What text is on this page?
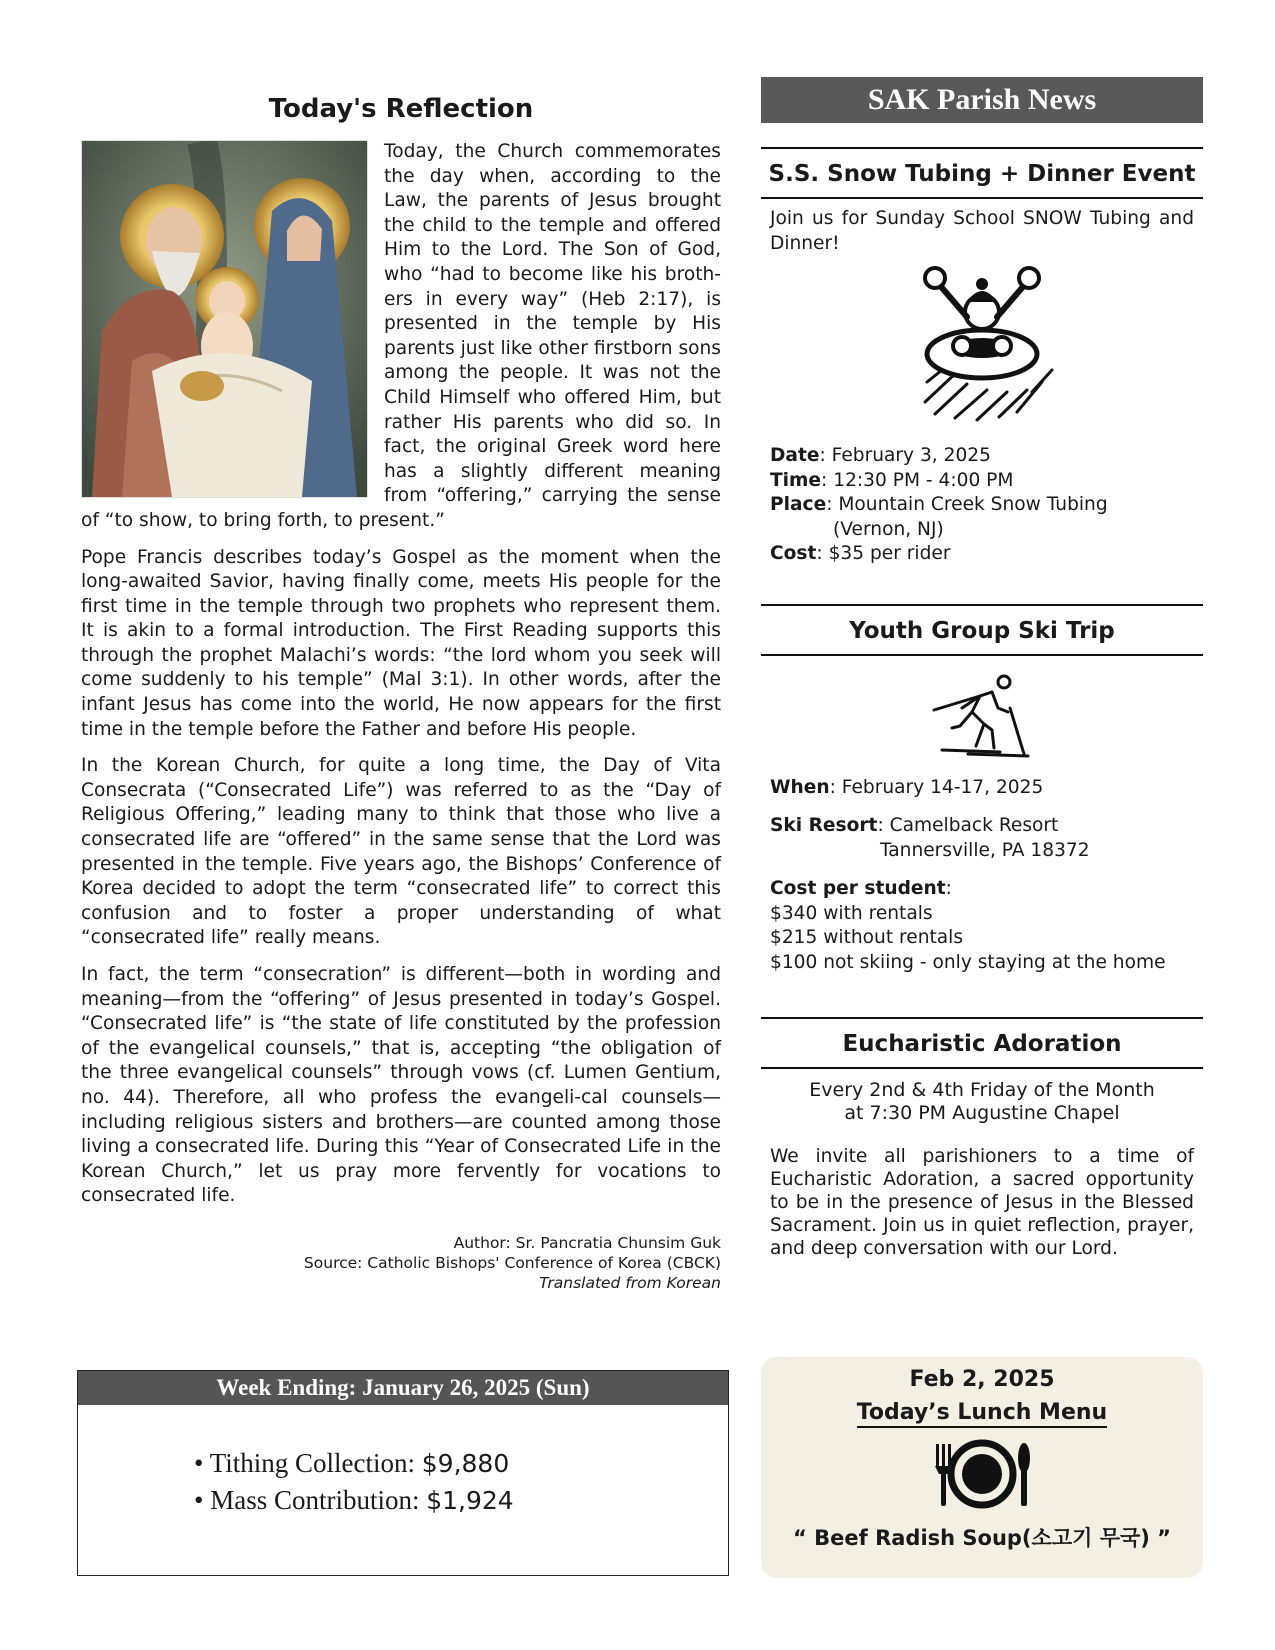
Today's Reflection

Today, the Church commemorates the day when, according to the Law, the parents of Jesus brought the child to the temple and offered Him to the Lord. The Son of God, who “had to become like his broth-ers in every way” (Heb 2:17), is presented in the temple by His parents just like other firstborn sons among the people. It was not the Child Himself who offered Him, but rather His parents who did so. In fact, the original Greek word here has a slightly different meaning from “offering,” carrying the sense of “to show, to bring forth, to present.”

Pope Francis describes today’s Gospel as the moment when the long-awaited Savior, having finally come, meets His people for the first time in the temple through two prophets who represent them. It is akin to a formal introduction. The First Reading supports this through the prophet Malachi’s words: “the lord whom you seek will come suddenly to his temple” (Mal 3:1). In other words, after the infant Jesus has come into the world, He now appears for the first time in the temple before the Father and before His people.

In the Korean Church, for quite a long time, the Day of Vita Consecrata (“Consecrated Life”) was referred to as the “Day of Religious Offering,” leading many to think that those who live a consecrated life are “offered” in the same sense that the Lord was presented in the temple. Five years ago, the Bishops’ Conference of Korea decided to adopt the term “consecrated life” to correct this confusion and to foster a proper understanding of what “consecrated life” really means.

In fact, the term “consecration” is different—both in wording and meaning—from the “offering” of Jesus presented in today’s Gospel. “Consecrated life” is “the state of life constituted by the profession of the evangelical counsels,” that is, accepting “the obligation of the three evangelical counsels” through vows (cf. Lumen Gentium, no. 44). Therefore, all who profess the evangeli-cal counsels—including religious sisters and brothers—are counted among those living a consecrated life. During this “Year of Consecrated Life in the Korean Church,” let us pray more fervently for vocations to consecrated life.

Author: Sr. Pancratia Chunsim Guk
Source: Catholic Bishops' Conference of Korea (CBCK)
Translated from Korean
Week Ending: January 26, 2025 (Sun)
• Tithing Collection: $9,880
• Mass Contribution: $1,924
SAK Parish News
S.S. Snow Tubing + Dinner Event
Join us for Sunday School SNOW Tubing and Dinner!
Date: February 3, 2025
Time: 12:30 PM - 4:00 PM
Place: Mountain Creek Snow Tubing
(Vernon, NJ)
Cost: $35 per rider
Youth Group Ski Trip
When: February 14-17, 2025
Ski Resort: Camelback Resort
Tannersville, PA 18372
Cost per student:
$340 with rentals
$215 without rentals
$100 not skiing - only staying at the home
Eucharistic Adoration
Every 2nd & 4th Friday of the Month
at 7:30 PM Augustine Chapel
We invite all parishioners to a time of Eucharistic Adoration, a sacred opportunity to be in the presence of Jesus in the Blessed Sacrament. Join us in quiet reflection, prayer, and deep conversation with our Lord.
Feb 2, 2025
Today’s Lunch Menu
“ Beef Radish Soup(소고기 무국) ”
